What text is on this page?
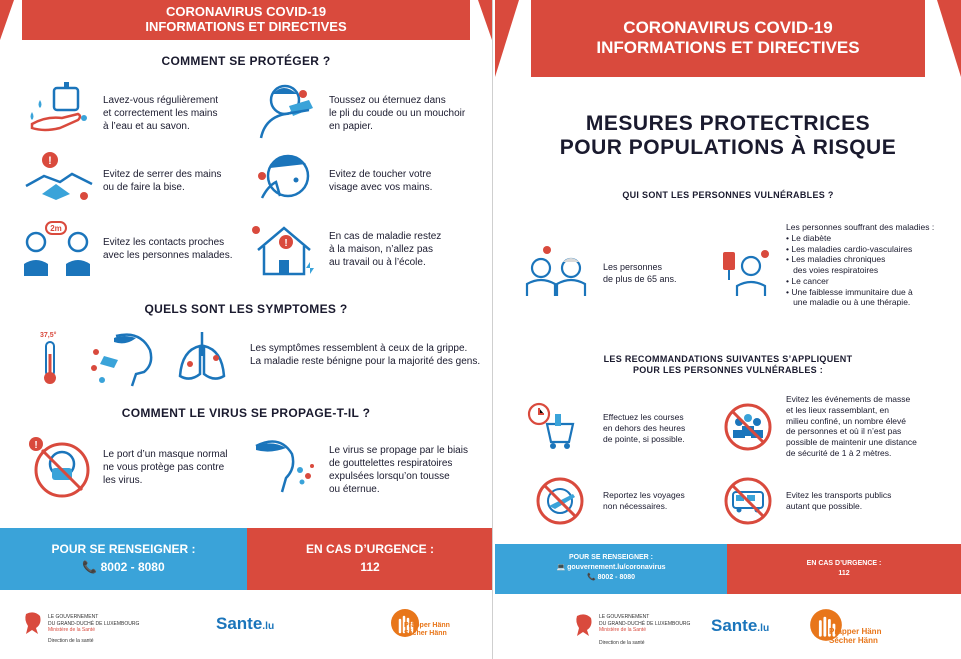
CORONAVIRUS COVID-19
INFORMATIONS ET DIRECTIVES
COMMENT SE PROTÉGER ?
Lavez-vous régulièrement
et correctement les mains
à l’eau et au savon.
Toussez ou éternuez dans
le pli du coude ou un mouchoir
en papier.
!
Evitez de serrer des mains
ou de faire la bise.
Evitez de toucher votre
visage avec vos mains.
2m
Evitez les contacts proches
avec les personnes malades.
!
En cas de maladie restez
à la maison, n’allez pas
au travail ou à l’école.
QUELS SONT LES SYMPTOMES ?
37,5°
Les symptômes ressemblent à ceux de la grippe.
La maladie reste bénigne pour la majorité des gens.
COMMENT LE VIRUS SE PROPAGE-T-IL ?
!
Le port d’un masque normal
ne vous protège pas contre
les virus.
Le virus se propage par le biais
de gouttelettes respiratoires
expulsées lorsqu’on tousse
ou éternue.
POUR SE RENSEIGNER :
📞 8002 - 8080
EN CAS D’URGENCE :
112
LE GOUVERNEMENT
DU GRAND-DUCHÉ DE LUXEMBOURG
Ministère de la Santé
Direction de la santé
Sante.lu	Präpper Hänn
Sécher Hänn
CORONAVIRUS COVID-19
INFORMATIONS ET DIRECTIVES
MESURES PROTECTRICES
POUR POPULATIONS À RISQUE
QUI SONT LES PERSONNES VULNÉRABLES ?
Les personnes
de plus de 65 ans.
Les personnes souffrant des maladies :
• Le diabète
• Les maladies cardio-vasculaires
• Les maladies chroniques
des voies respiratoires
• Le cancer
• Une faiblesse immunitaire due à
une maladie ou à une thérapie.
LES RECOMMANDATIONS SUIVANTES S’APPLIQUENT
POUR LES PERSONNES VULNÉRABLES :
Effectuez les courses
en dehors des heures
de pointe, si possible.
Evitez les événements de masse
et les lieux rassemblant, en
milieu confiné, un nombre élevé
de personnes et où il n’est pas
possible de maintenir une distance
de sécurité de 1 à 2 mètres.
Reportez les voyages
non nécessaires.
Evitez les transports publics
autant que possible.
POUR SE RENSEIGNER :
💻 gouvernement.lu/coronavirus
📞 8002 - 8080
EN CAS D’URGENCE :
112
LE GOUVERNEMENT
DU GRAND-DUCHÉ DE LUXEMBOURG
Ministère de la Santé
Direction de la santé
Sante.lu	Präpper Hänn
Sécher Hänn
